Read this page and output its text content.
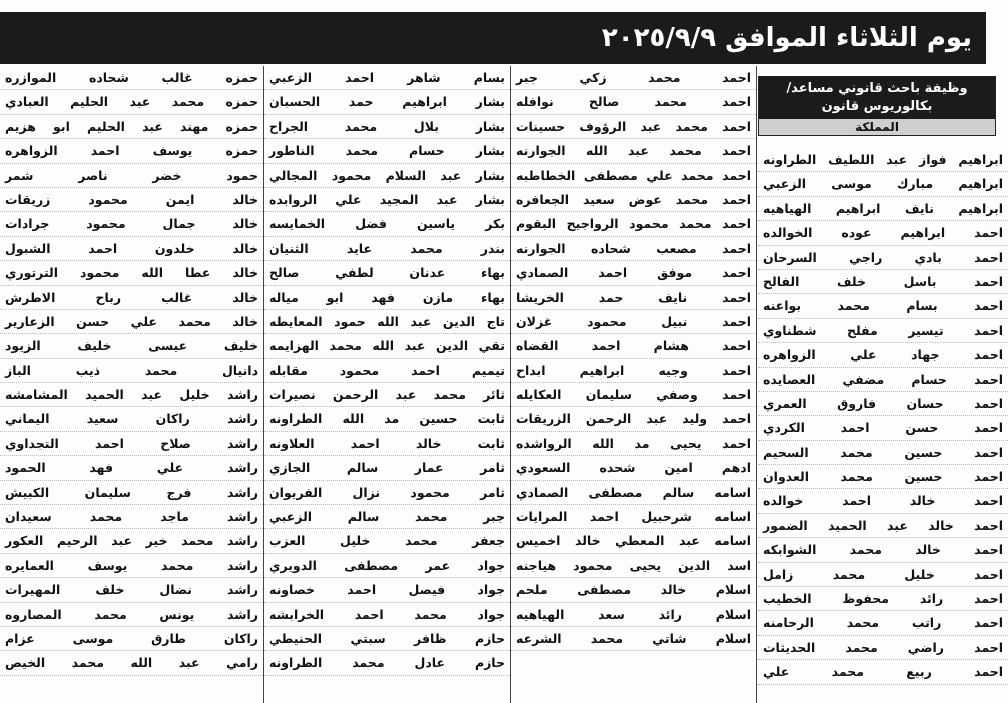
يوم الثلاثاء الموافق ٢٠٢٥/٩/٩
وظيفة باحث قانوني مساعد/
بكالوريوس قانون
المملكة
ابراهيم فواز عبد اللطيف الطراونه
ابراهيم مبارك موسى الزعبي
ابراهيم نايف ابراهيم الهياهيه
احمد ابراهيم عوده الخوالده
احمد بادي راجي السرحان
احمد باسل خلف الفالح
احمد بسام محمد بواعنه
احمد تيسير مفلح شطناوي
احمد جهاد علي الزواهره
احمد حسام مضفي العصايده
احمد حسان فاروق العمري
احمد حسن احمد الكردي
احمد حسين محمد السحيم
احمد حسين محمد العدوان
احمد خالد احمد خوالده
احمد خالد عبد الحميد الضمور
احمد خالد محمد الشوابكه
احمد خليل محمد زامل
احمد رائد محفوظ الخطيب
احمد راتب محمد الرحامنه
احمد راضي محمد الحديثات
احمد ربيع محمد علي
احمد محمد زكي جبر
احمد محمد صالح نوافله
احمد محمد عبد الرؤوف حسينات
احمد محمد عبد الله الجوارنه
احمد محمد علي مصطفى الخطاطبه
احمد محمد عوض سعيد الجعافره
احمد محمد محمود الرواجيح البقوم
احمد مصعب شحاده الجوارنه
احمد موفق احمد الصمادي
احمد نايف حمد الخريشا
احمد نبيل محمود غزلان
احمد هشام احمد القضاه
احمد وجيه ابراهيم ابداح
احمد وصفي سليمان العكايله
احمد وليد عبد الرحمن الزريقات
احمد يحيى مد الله الرواشده
ادهم امين شحده السعودي
اسامه سالم مصطفى الصمادي
اسامه شرحبيل احمد المرايات
اسامه عبد المعطي خالد اخميس
اسد الدين يحيى محمود هياجنه
اسلام خالد مصطفى ملحم
اسلام رائد سعد الهياهيه
اسلام شاتي محمد الشرعه
بسام شاهر احمد الزعبي
بشار ابراهيم حمد الحسبان
بشار بلال محمد الجراح
بشار حسام محمد الناطور
بشار عبد السلام محمود المجالي
بشار عبد المجيد علي الروابده
بكر ياسين فضل الخمايسه
بندر محمد عايد الثنيان
بهاء عدنان لطفي صالح
بهاء مازن فهد ابو مياله
تاج الدين عبد الله حمود المعايطه
تقي الدين عبد الله محمد الهزايمه
تيميم احمد محمود مقابله
ثائر محمد عبد الرحمن نصيرات
ثابت حسين مد الله الطراونه
ثابت خالد احمد العلاونه
ثامر عمار سالم الجازي
ثامر محمود نزال الفريوان
جبر محمد سالم الزعبي
جعفر محمد خليل العزب
جواد عمر مصطفى الدويري
جواد فيصل احمد خصاونه
جواد محمد احمد الخرابشه
حازم ظافر سبتي الحنيطي
حازم عادل محمد الطراونه
حمزه غالب شحاده الموازره
حمزه محمد عبد الحليم العبادي
حمزه مهند عبد الحليم ابو هزيم
حمزه يوسف احمد الزواهره
حمود خضر ناصر شمر
خالد ايمن محمود زريقات
خالد جمال محمود جرادات
خالد خلدون احمد الشبول
خالد عطا الله محمود الترتوري
خالد غالب رباح الاطرش
خالد محمد علي حسن الزعارير
خليف عيسى خليف الزيود
دانيال محمد ذيب الباز
راشد خليل عبد الحميد المشامشه
راشد راكان سعيد اليماني
راشد صلاح احمد التجداوي
راشد علي فهد الحمود
راشد فرج سليمان الكبيش
راشد ماجد محمد سعيدان
راشد محمد خير عبد الرحيم العكور
راشد محمد يوسف العمايره
راشد نضال خلف المهيرات
راشد يونس محمد المصاروه
راكان طارق موسى عزام
رامي عبد الله محمد الخيص
